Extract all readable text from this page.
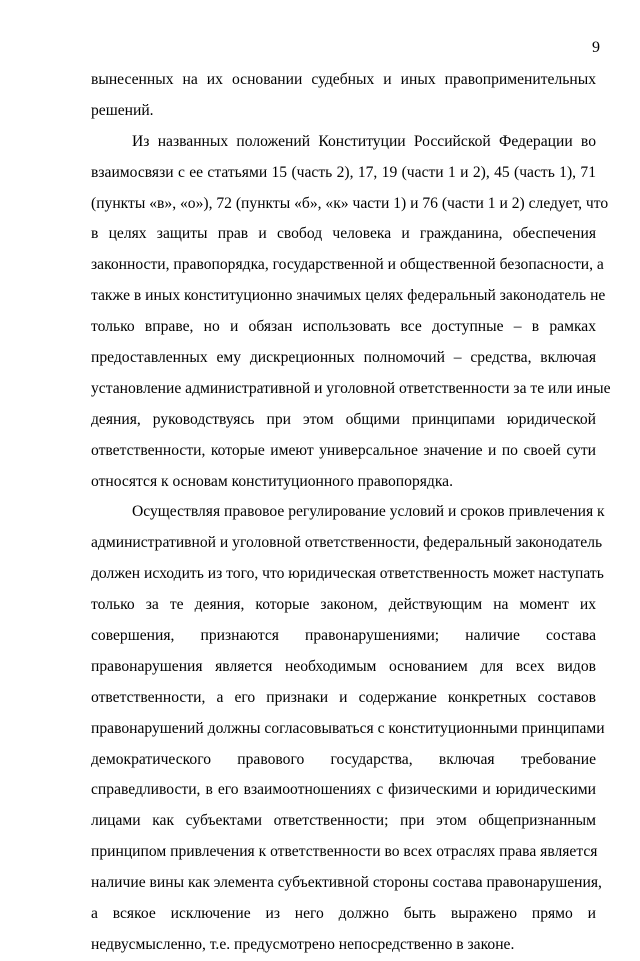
9
вынесенных на их основании судебных и иных правоприменительных
решений.
Из названных положений Конституции Российской Федерации во
взаимосвязи с ее статьями 15 (часть 2), 17, 19 (части 1 и 2), 45 (часть 1), 71
(пункты «в», «о»), 72 (пункты «б», «к» части 1) и 76 (части 1 и 2) следует, что
в целях защиты прав и свобод человека и гражданина, обеспечения
законности, правопорядка, государственной и общественной безопасности, а
также в иных конституционно значимых целях федеральный законодатель не
только вправе, но и обязан использовать все доступные – в рамках
предоставленных ему дискреционных полномочий – средства, включая
установление административной и уголовной ответственности за те или иные
деяния, руководствуясь при этом общими принципами юридической
ответственности, которые имеют универсальное значение и по своей сути
относятся к основам конституционного правопорядка.
Осуществляя правовое регулирование условий и сроков привлечения к
административной и уголовной ответственности, федеральный законодатель
должен исходить из того, что юридическая ответственность может наступать
только за те деяния, которые законом, действующим на момент их
совершения, признаются правонарушениями; наличие состава
правонарушения является необходимым основанием для всех видов
ответственности, а его признаки и содержание конкретных составов
правонарушений должны согласовываться с конституционными принципами
демократического правового государства, включая требование
справедливости, в его взаимоотношениях с физическими и юридическими
лицами как субъектами ответственности; при этом общепризнанным
принципом привлечения к ответственности во всех отраслях права является
наличие вины как элемента субъективной стороны состава правонарушения,
а всякое исключение из него должно быть выражено прямо и
недвусмысленно, т.е. предусмотрено непосредственно в законе.
